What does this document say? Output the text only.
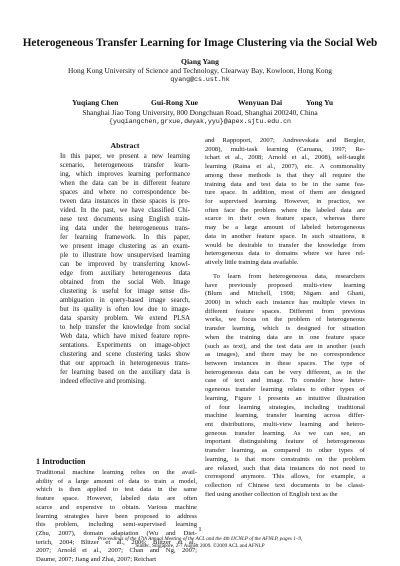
Heterogeneous Transfer Learning for Image Clustering via the Social Web
Qiang Yang
Hong Kong University of Science and Technology, Clearway Bay, Kowloon, Hong Kong
qyang@cs.ust.hk
Yuqiang Chen	Gui-Rong Xue	Wenyuan Dai	Yong Yu
Shanghai Jiao Tong University, 800 Dongchuan Road, Shanghai 200240, China
{yuqiangchen,grxue,dwyak,yyu}@apex.sjtu.edu.cn
Abstract
In this paper, we present a new learning
scenario, heterogeneous transfer learn-
ing, which improves learning performance
when the data can be in different feature
spaces and where no correspondence be-
tween data instances in these spaces is pro-
vided. In the past, we have classified Chi-
nese text documents using English train-
ing data under the heterogeneous trans-
fer learning framework. In this paper,
we present image clustering as an exam-
ple to illustrate how unsupervised learning
can be improved by transferring knowl-
edge from auxiliary heterogeneous data
obtained from the social Web. Image
clustering is useful for image sense dis-
ambiguation in query-based image search,
but its quality is often low due to image-
data sparsity problem. We extend PLSA
to help transfer the knowledge from social
Web data, which have mixed feature repre-
sentations. Experiments on image-object
clustering and scene clustering tasks show
that our approach in heterogeneous trans-
fer learning based on the auxiliary data is
indeed effective and promising.
1 Introduction
Traditional machine learning relies on the avail-
ability of a large amount of data to train a model,
which is then applied to test data in the same
feature space. However, labeled data are often
scarce and expensive to obtain. Various machine
learning strategies have been proposed to address
this problem, including semi-supervised learning
(Zhu, 2007), domain adaptation (Wu and Diet-
terich, 2004; Blitzer et al., 2006; Blitzer et al.,
2007; Arnold et al., 2007; Chan and Ng, 2007;
Daume, 2007; Jiang and Zhai, 2007; Reichart
and Rappoport, 2007; Andreevskaia and Bergler,
2008), multi-task learning (Caruana, 1997; Re-
ichart et al., 2008; Arnold et al., 2008), self-taught
learning (Raina et al., 2007), etc. A commonality
among these methods is that they all require the
training data and test data to be in the same fea-
ture space. In addition, most of them are designed
for supervised learning. However, in practice, we
often face the problem where the labeled data are
scarce in their own feature space, whereas there
may be a large amount of labeled heterogeneous
data in another feature space. In such situations, it
would be desirable to transfer the knowledge from
heterogeneous data to domains where we have rel-
atively little training data available.
To learn from heterogeneous data, researchers
have previously proposed multi-view learning
(Blum and Mitchell, 1998; Nigam and Ghani,
2000) in which each instance has multiple views in
different feature spaces. Different from previous
works, we focus on the problem of heterogeneous
transfer learning, which is designed for situation
when the training data are in one feature space
(such as text), and the test data are in another (such
as images), and there may be no correspondence
between instances in these spaces. The type of
heterogeneous data can be very different, as in the
case of text and image. To consider how heter-
ogeneous transfer learning relates to other types of
learning, Figure 1 presents an intuitive illustration
of four learning strategies, including traditional
machine learning, transfer learning across differ-
ent distributions, multi-view learning and hetero-
geneous transfer learning. As we can see, an
important distinguishing feature of heterogeneous
transfer learning, as compared to other types of
learning, is that more constraints on the problem
are relaxed, such that data instances do not need to
correspond anymore. This allows, for example, a
collection of Chinese text documents to be classi-
fied using another collection of English text as the
1
Proceedings of the 47th Annual Meeting of the ACL and the 4th IJCNLP of the AFNLP, pages 1–9,
Suntec, Singapore, 2-7 August 2009. ©2009 ACL and AFNLP
